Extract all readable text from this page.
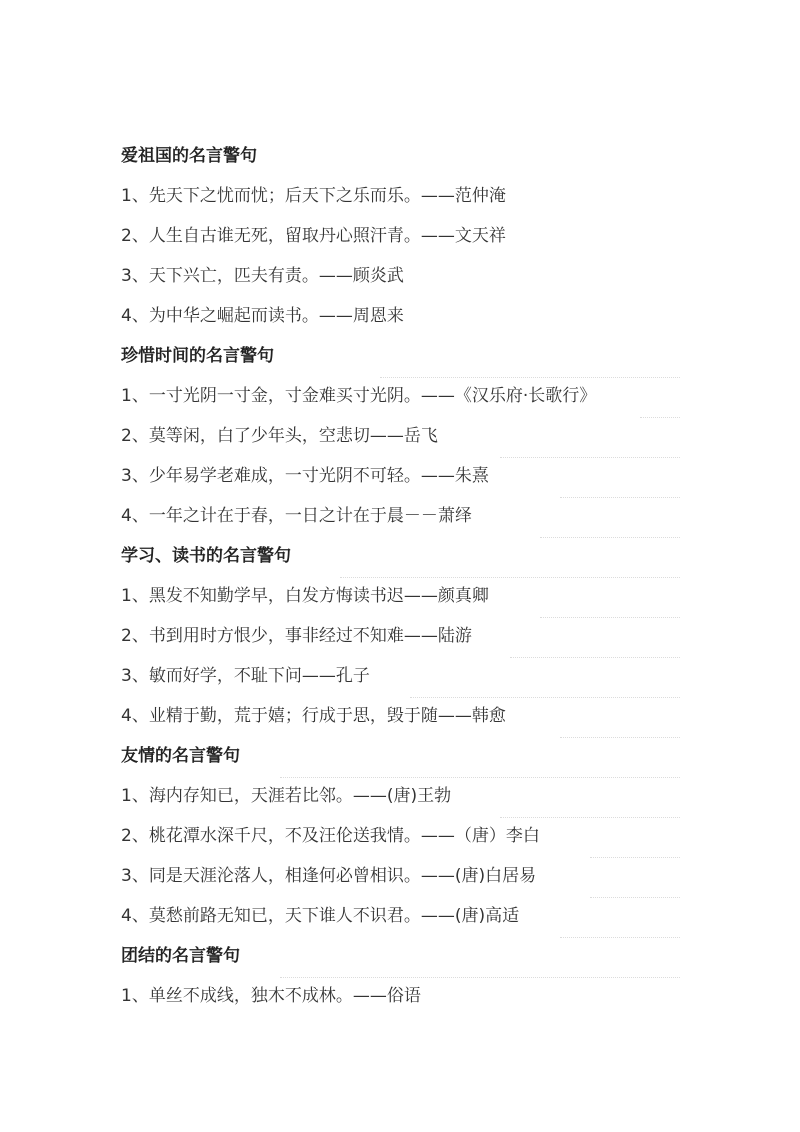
爱祖国的名言警句
1、先天下之忧而忧；后天下之乐而乐。——范仲淹
2、人生自古谁无死，留取丹心照汗青。——文天祥
3、天下兴亡，匹夫有责。——顾炎武
4、为中华之崛起而读书。——周恩来
珍惜时间的名言警句
1、一寸光阴一寸金，寸金难买寸光阴。——《汉乐府·长歌行》
2、莫等闲，白了少年头，空悲切——岳飞
3、少年易学老难成，一寸光阴不可轻。——朱熹
4、一年之计在于春，一日之计在于晨－－萧绎
学习、读书的名言警句
1、黑发不知勤学早，白发方悔读书迟——颜真卿
2、书到用时方恨少，事非经过不知难——陆游
3、敏而好学，不耻下问——孔子
4、业精于勤，荒于嬉；行成于思，毁于随——韩愈
友情的名言警句
1、海内存知已，天涯若比邻。——(唐)王勃
2、桃花潭水深千尺，不及汪伦送我情。——（唐）李白
3、同是天涯沦落人，相逢何必曾相识。——(唐)白居易
4、莫愁前路无知已，天下谁人不识君。——(唐)高适
团结的名言警句
1、单丝不成线，独木不成林。——俗语
